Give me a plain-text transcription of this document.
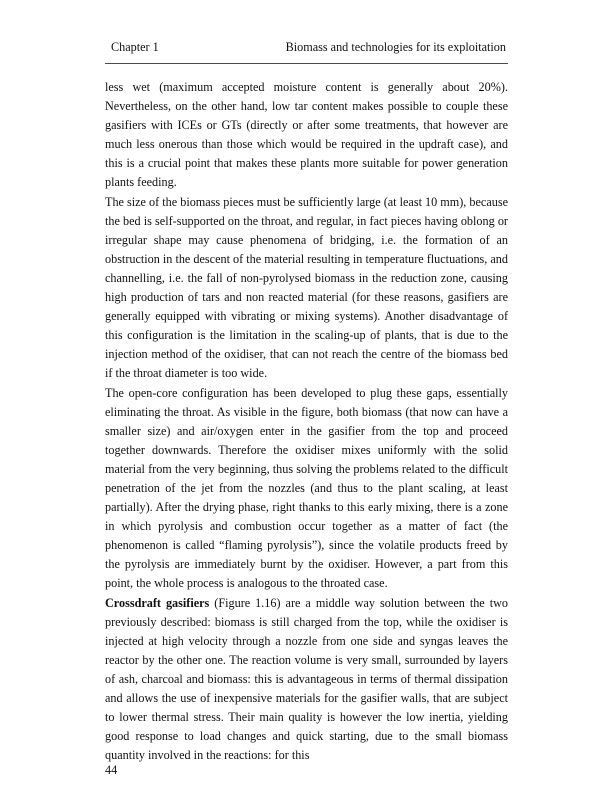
Chapter 1	Biomass and technologies for its exploitation

less wet (maximum accepted moisture content is generally about 20%). Nevertheless, on the other hand, low tar content makes possible to couple these gasifiers with ICEs or GTs (directly or after some treatments, that however are much less onerous than those which would be required in the updraft case), and this is a crucial point that makes these plants more suitable for power generation plants feeding.

The size of the biomass pieces must be sufficiently large (at least 10 mm), because the bed is self-supported on the throat, and regular, in fact pieces having oblong or irregular shape may cause phenomena of bridging, i.e. the formation of an obstruction in the descent of the material resulting in temperature fluctuations, and channelling, i.e. the fall of non-pyrolysed biomass in the reduction zone, causing high production of tars and non reacted material (for these reasons, gasifiers are generally equipped with vibrating or mixing systems). Another disadvantage of this configuration is the limitation in the scaling-up of plants, that is due to the injection method of the oxidiser, that can not reach the centre of the biomass bed if the throat diameter is too wide.

The open-core configuration has been developed to plug these gaps, essentially eliminating the throat. As visible in the figure, both biomass (that now can have a smaller size) and air/oxygen enter in the gasifier from the top and proceed together downwards. Therefore the oxidiser mixes uniformly with the solid material from the very beginning, thus solving the problems related to the difficult penetration of the jet from the nozzles (and thus to the plant scaling, at least partially). After the drying phase, right thanks to this early mixing, there is a zone in which pyrolysis and combustion occur together as a matter of fact (the phenomenon is called “flaming pyrolysis”), since the volatile products freed by the pyrolysis are immediately burnt by the oxidiser. However, a part from this point, the whole process is analogous to the throated case.

Crossdraft gasifiers (Figure 1.16) are a middle way solution between the two previously described: biomass is still charged from the top, while the oxidiser is injected at high velocity through a nozzle from one side and syngas leaves the reactor by the other one. The reaction volume is very small, surrounded by layers of ash, charcoal and biomass: this is advantageous in terms of thermal dissipation and allows the use of inexpensive materials for the gasifier walls, that are subject to lower thermal stress. Their main quality is however the low inertia, yielding good response to load changes and quick starting, due to the small biomass quantity involved in the reactions: for this

44
